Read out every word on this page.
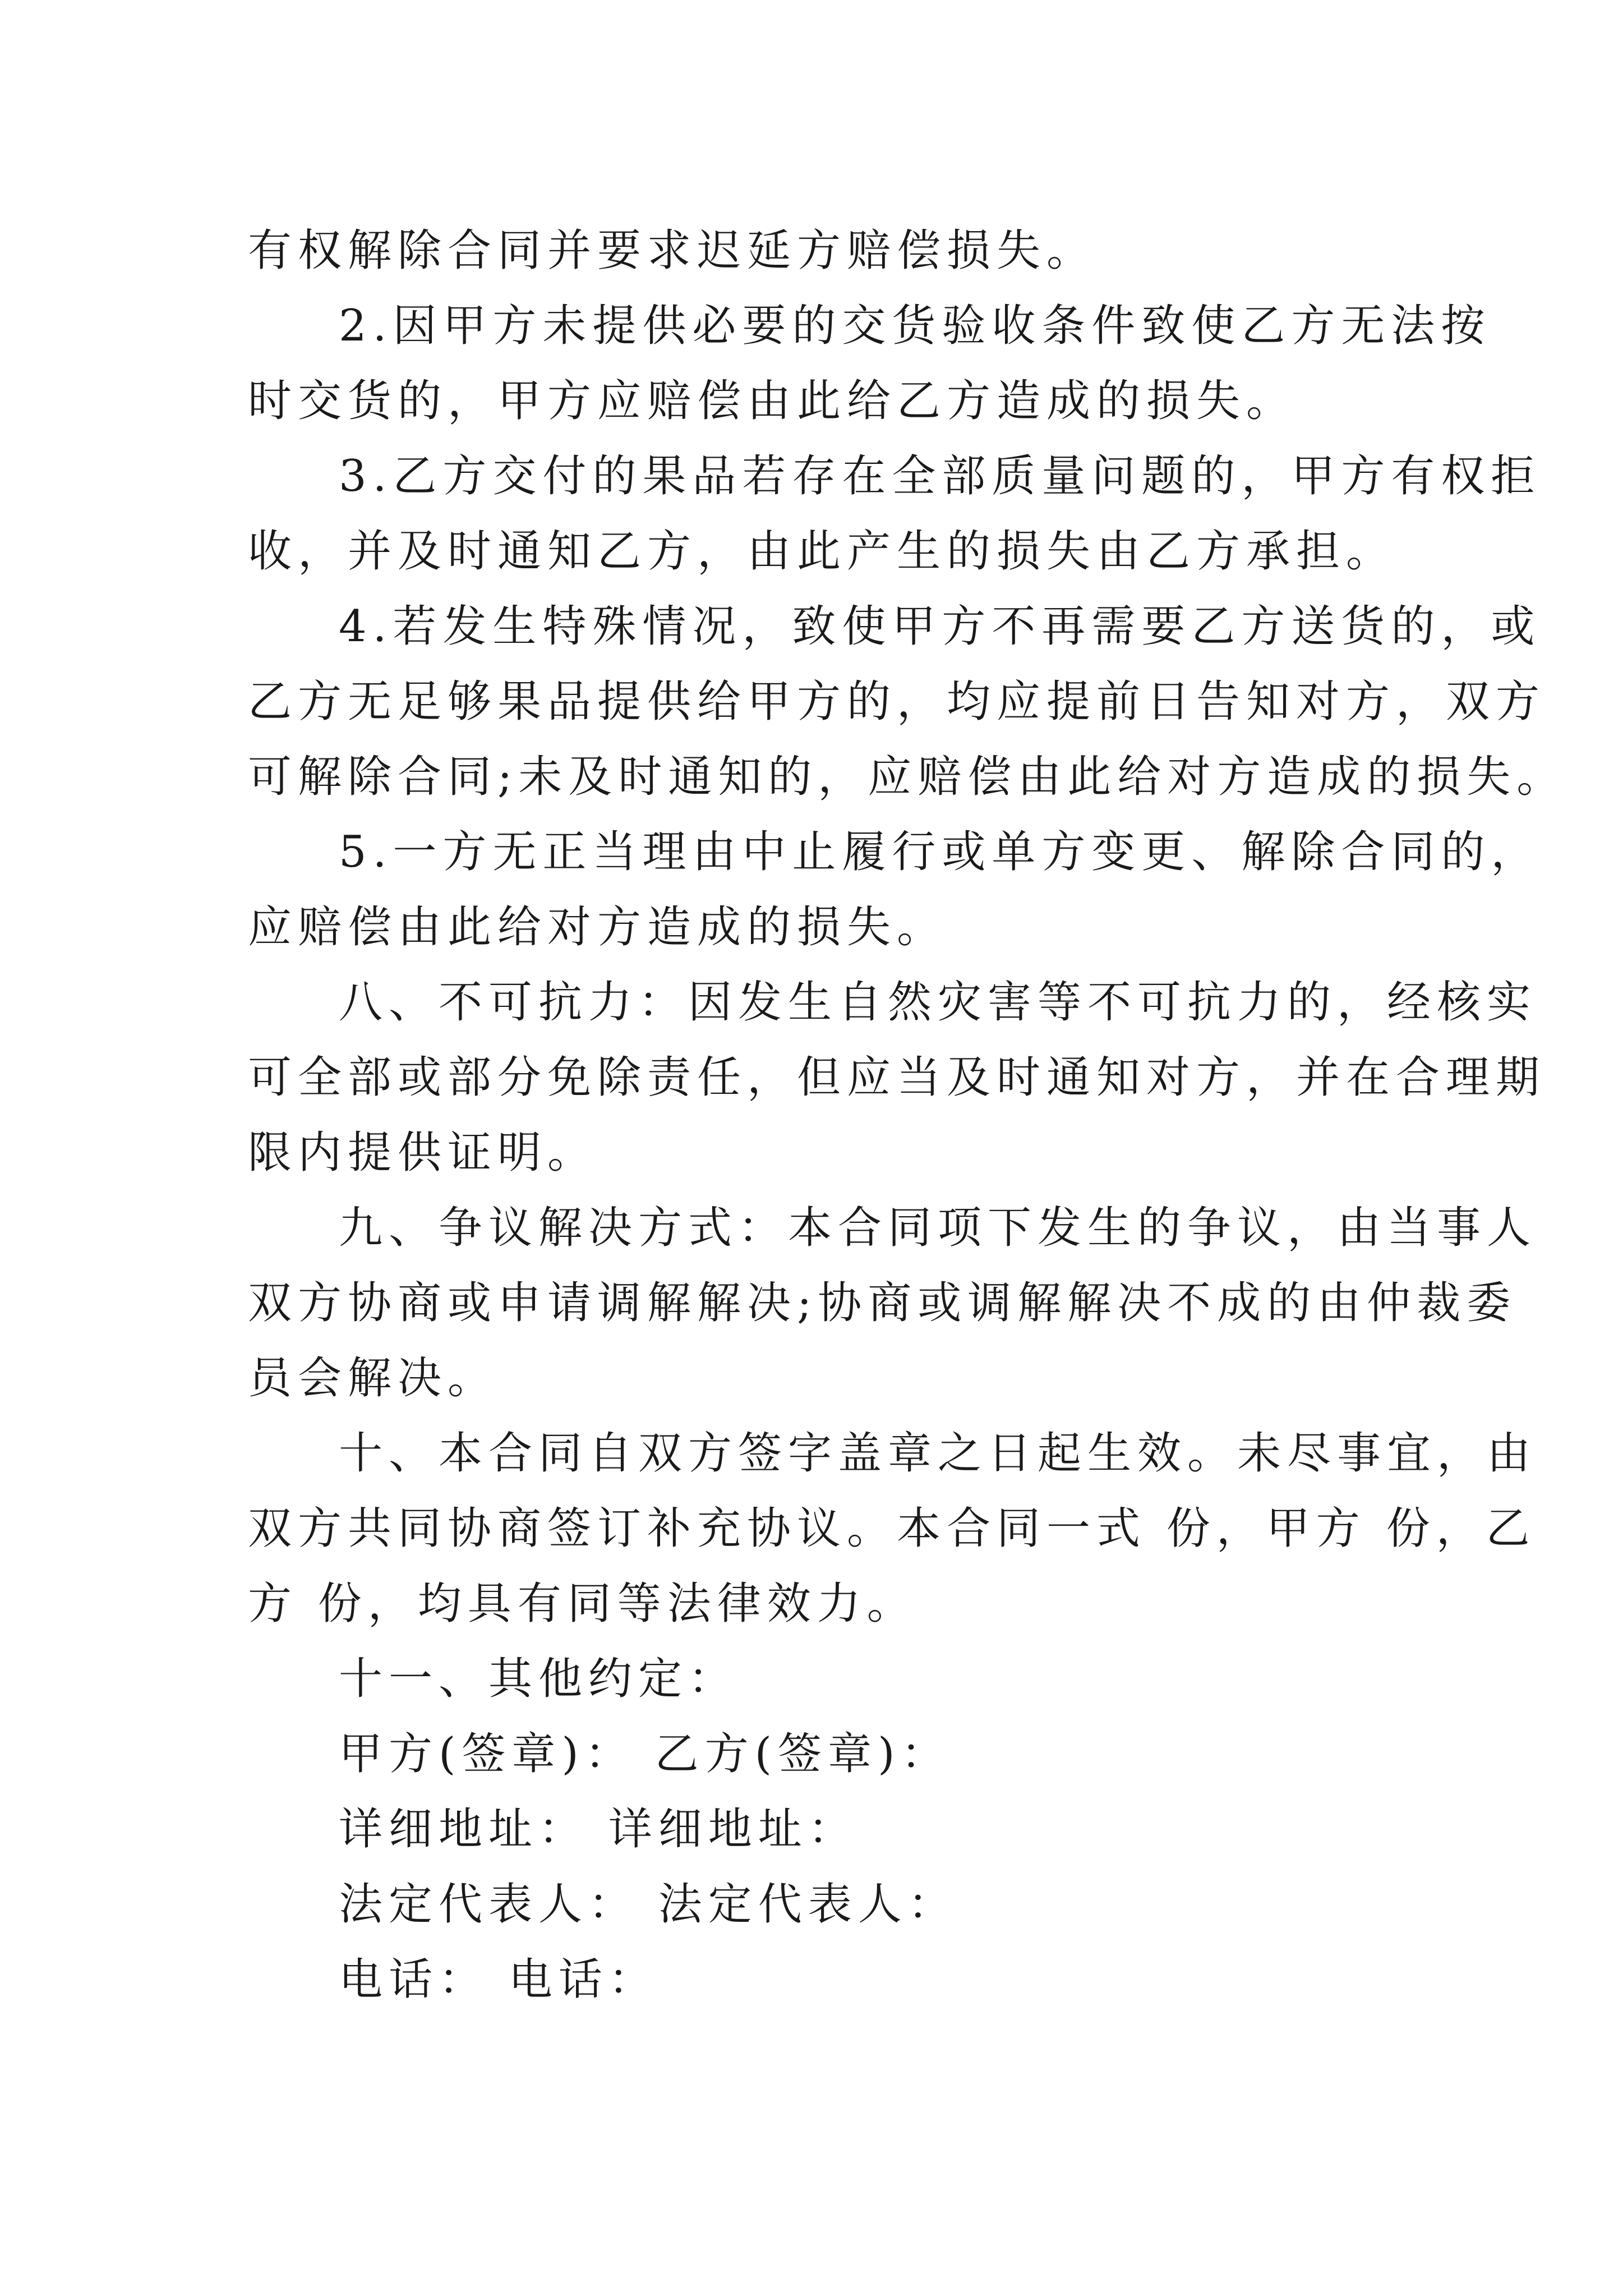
有权解除合同并要求迟延方赔偿损失。
2.因甲方未提供必要的交货验收条件致使乙方无法按
时交货的，甲方应赔偿由此给乙方造成的损失。
3.乙方交付的果品若存在全部质量问题的，甲方有权拒
收，并及时通知乙方，由此产生的损失由乙方承担。
4.若发生特殊情况，致使甲方不再需要乙方送货的，或
乙方无足够果品提供给甲方的，均应提前日告知对方，双方
可解除合同;未及时通知的，应赔偿由此给对方造成的损失。
5.一方无正当理由中止履行或单方变更、解除合同的，
应赔偿由此给对方造成的损失。
八、不可抗力：因发生自然灾害等不可抗力的，经核实
可全部或部分免除责任，但应当及时通知对方，并在合理期
限内提供证明。
九、争议解决方式：本合同项下发生的争议，由当事人
双方协商或申请调解解决;协商或调解解决不成的由仲裁委
员会解决。
十、本合同自双方签字盖章之日起生效。未尽事宜，由
双方共同协商签订补充协议。本合同一式 份，甲方 份，乙
方 份，均具有同等法律效力。
十一、其他约定：
甲方(签章)： 乙方(签章)：
详细地址： 详细地址：
法定代表人： 法定代表人：
电话： 电话：
